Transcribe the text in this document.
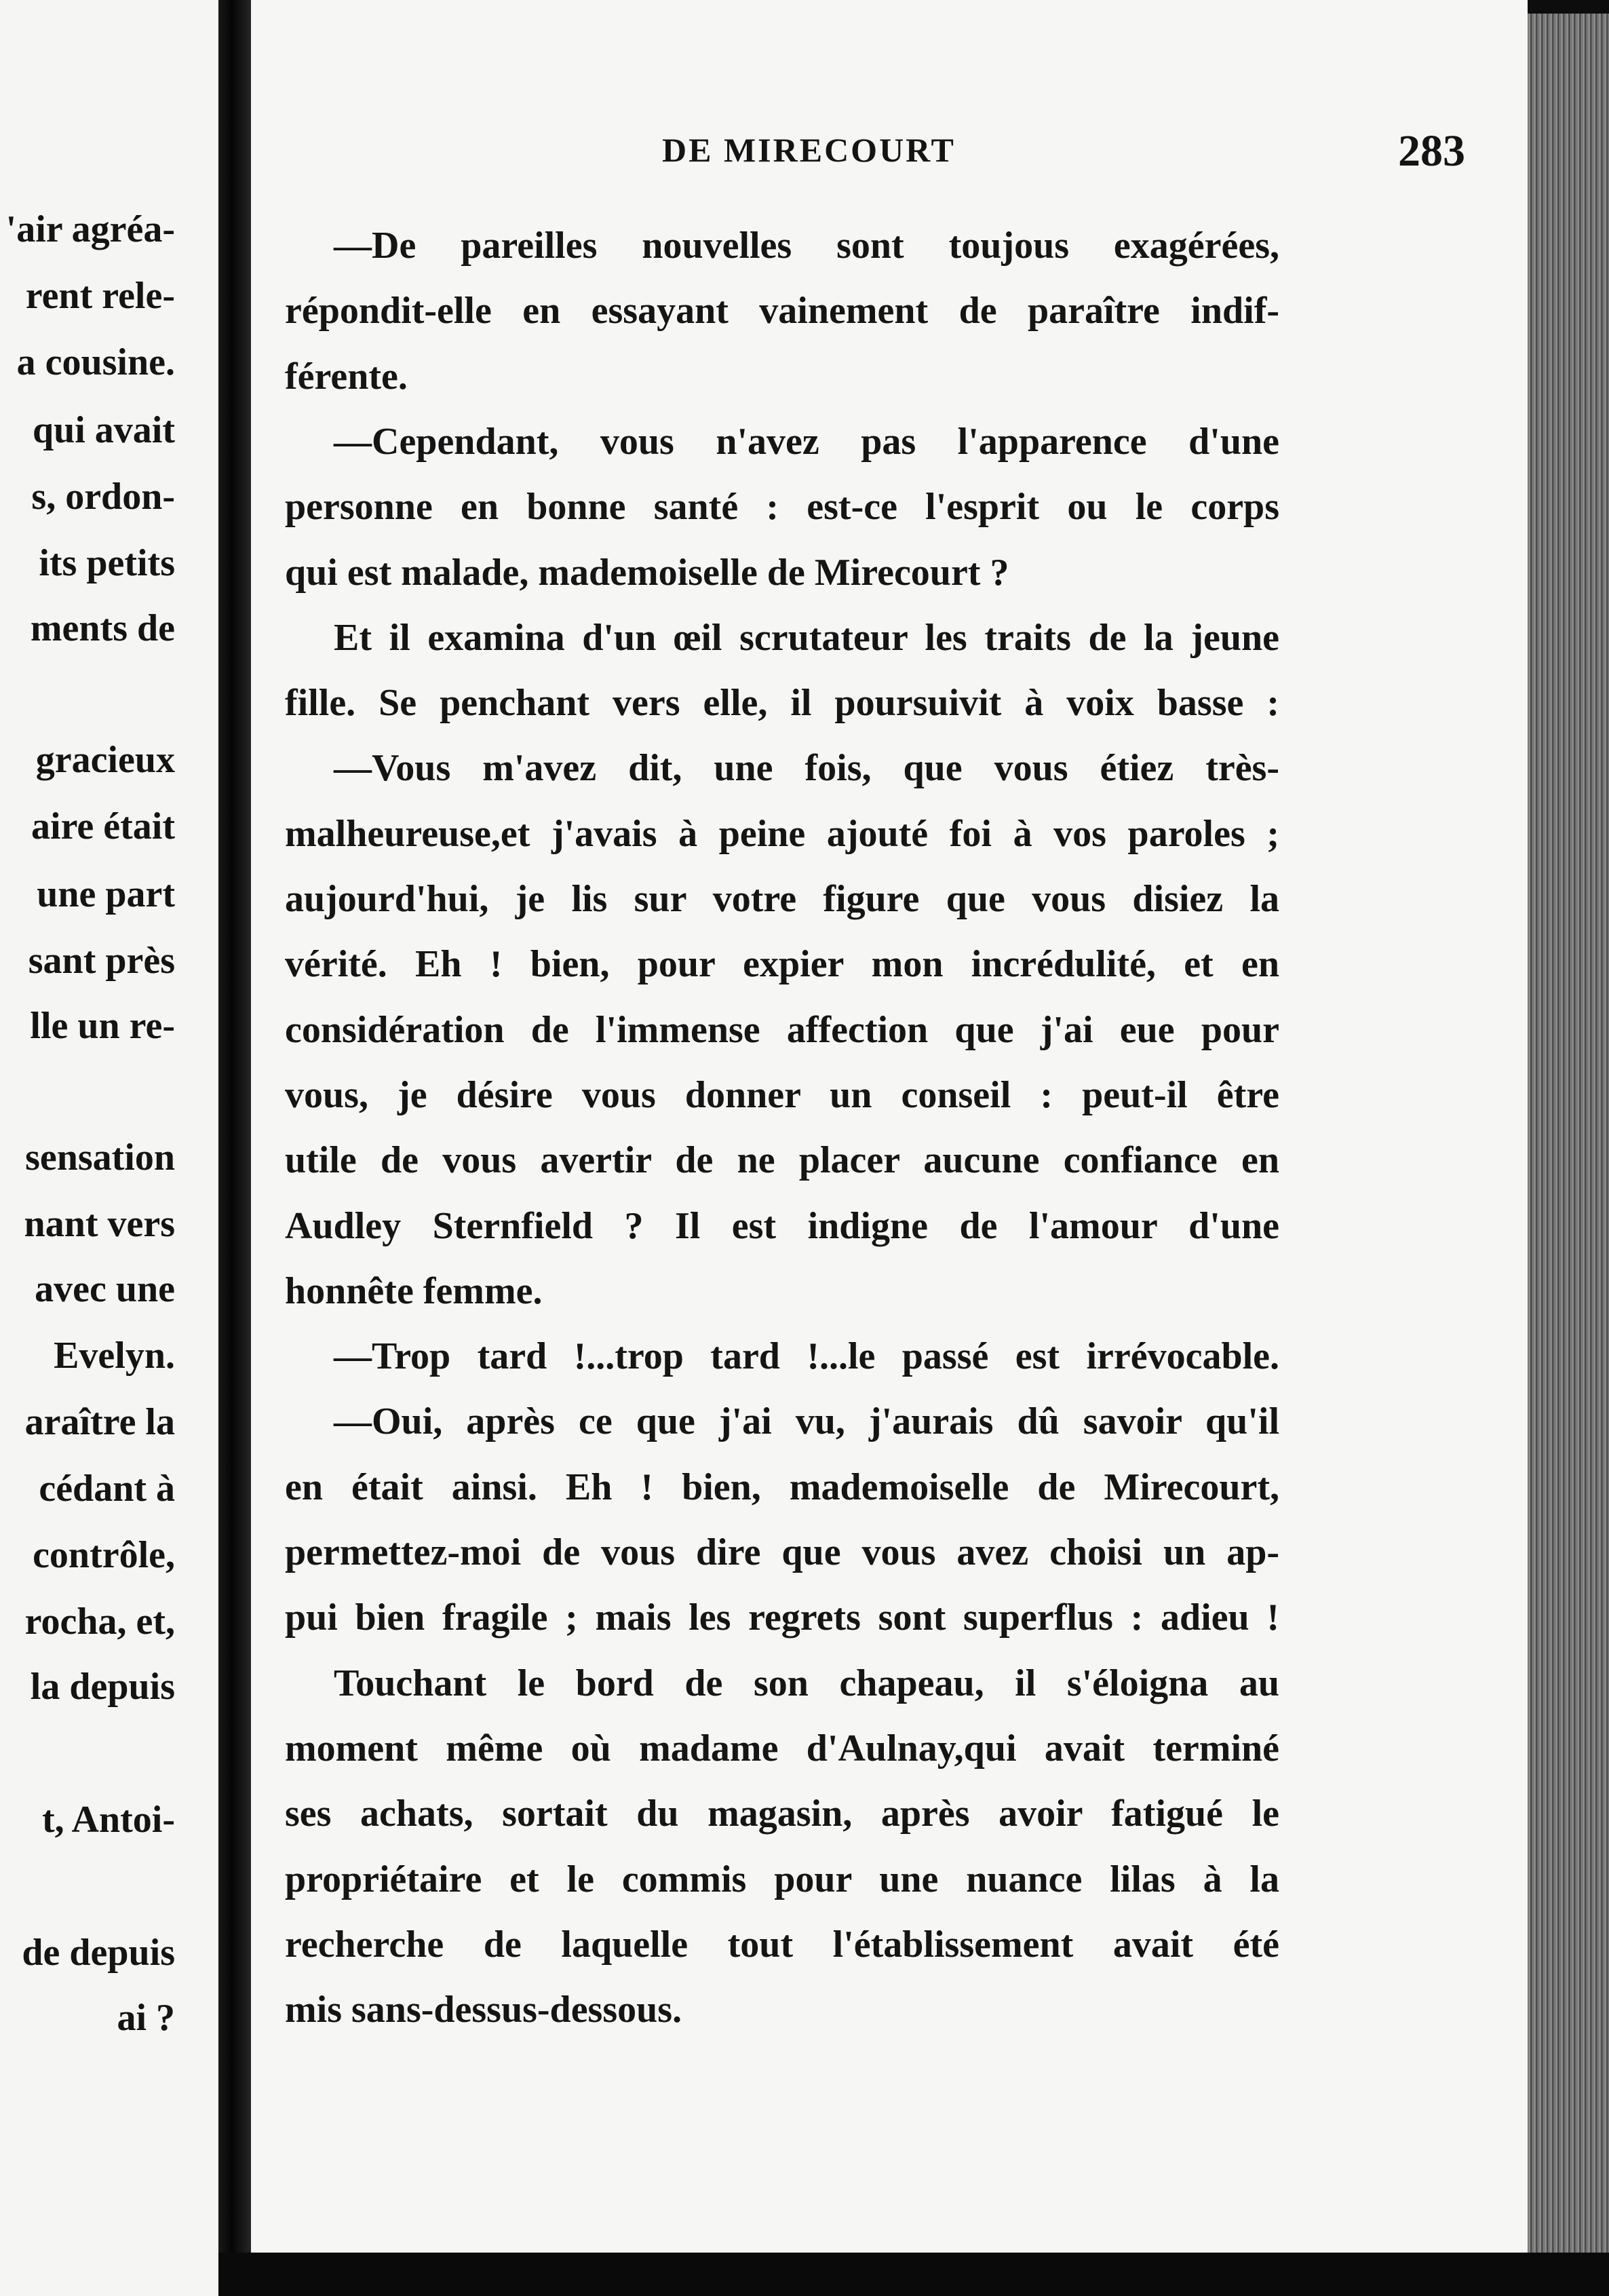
'air agréa-
rent rele-
a cousine.
qui avait
s, ordon-
its petits
ments de
gracieux
aire était
une part
sant près
lle un re-
sensation
nant vers
avec une
Evelyn.
araître la
cédant à
contrôle,
rocha, et,
la depuis
t, Antoi-
de depuis
ai ?
DE MIRECOURT	283
—De pareilles nouvelles sont toujous exagérées,
répondit-elle en essayant vainement de paraître indif-
férente.
—Cependant, vous n'avez pas l'apparence d'une
personne en bonne santé : est-ce l'esprit ou le corps
qui est malade, mademoiselle de Mirecourt ?
Et il examina d'un œil scrutateur les traits de la jeune
fille. Se penchant vers elle, il poursuivit à voix basse :
—Vous m'avez dit, une fois, que vous étiez très-
malheureuse,et j'avais à peine ajouté foi à vos paroles ;
aujourd'hui, je lis sur votre figure que vous disiez la
vérité. Eh ! bien, pour expier mon incrédulité, et en
considération de l'immense affection que j'ai eue pour
vous, je désire vous donner un conseil : peut-il être
utile de vous avertir de ne placer aucune confiance en
Audley Sternfield ? Il est indigne de l'amour d'une
honnête femme.
—Trop tard !...trop tard !...le passé est irrévocable.
—Oui, après ce que j'ai vu, j'aurais dû savoir qu'il
en était ainsi. Eh ! bien, mademoiselle de Mirecourt,
permettez-moi de vous dire que vous avez choisi un ap-
pui bien fragile ; mais les regrets sont superflus : adieu !
Touchant le bord de son chapeau, il s'éloigna au
moment même où madame d'Aulnay,qui avait terminé
ses achats, sortait du magasin, après avoir fatigué le
propriétaire et le commis pour une nuance lilas à la
recherche de laquelle tout l'établissement avait été
mis sans-dessus-dessous.
